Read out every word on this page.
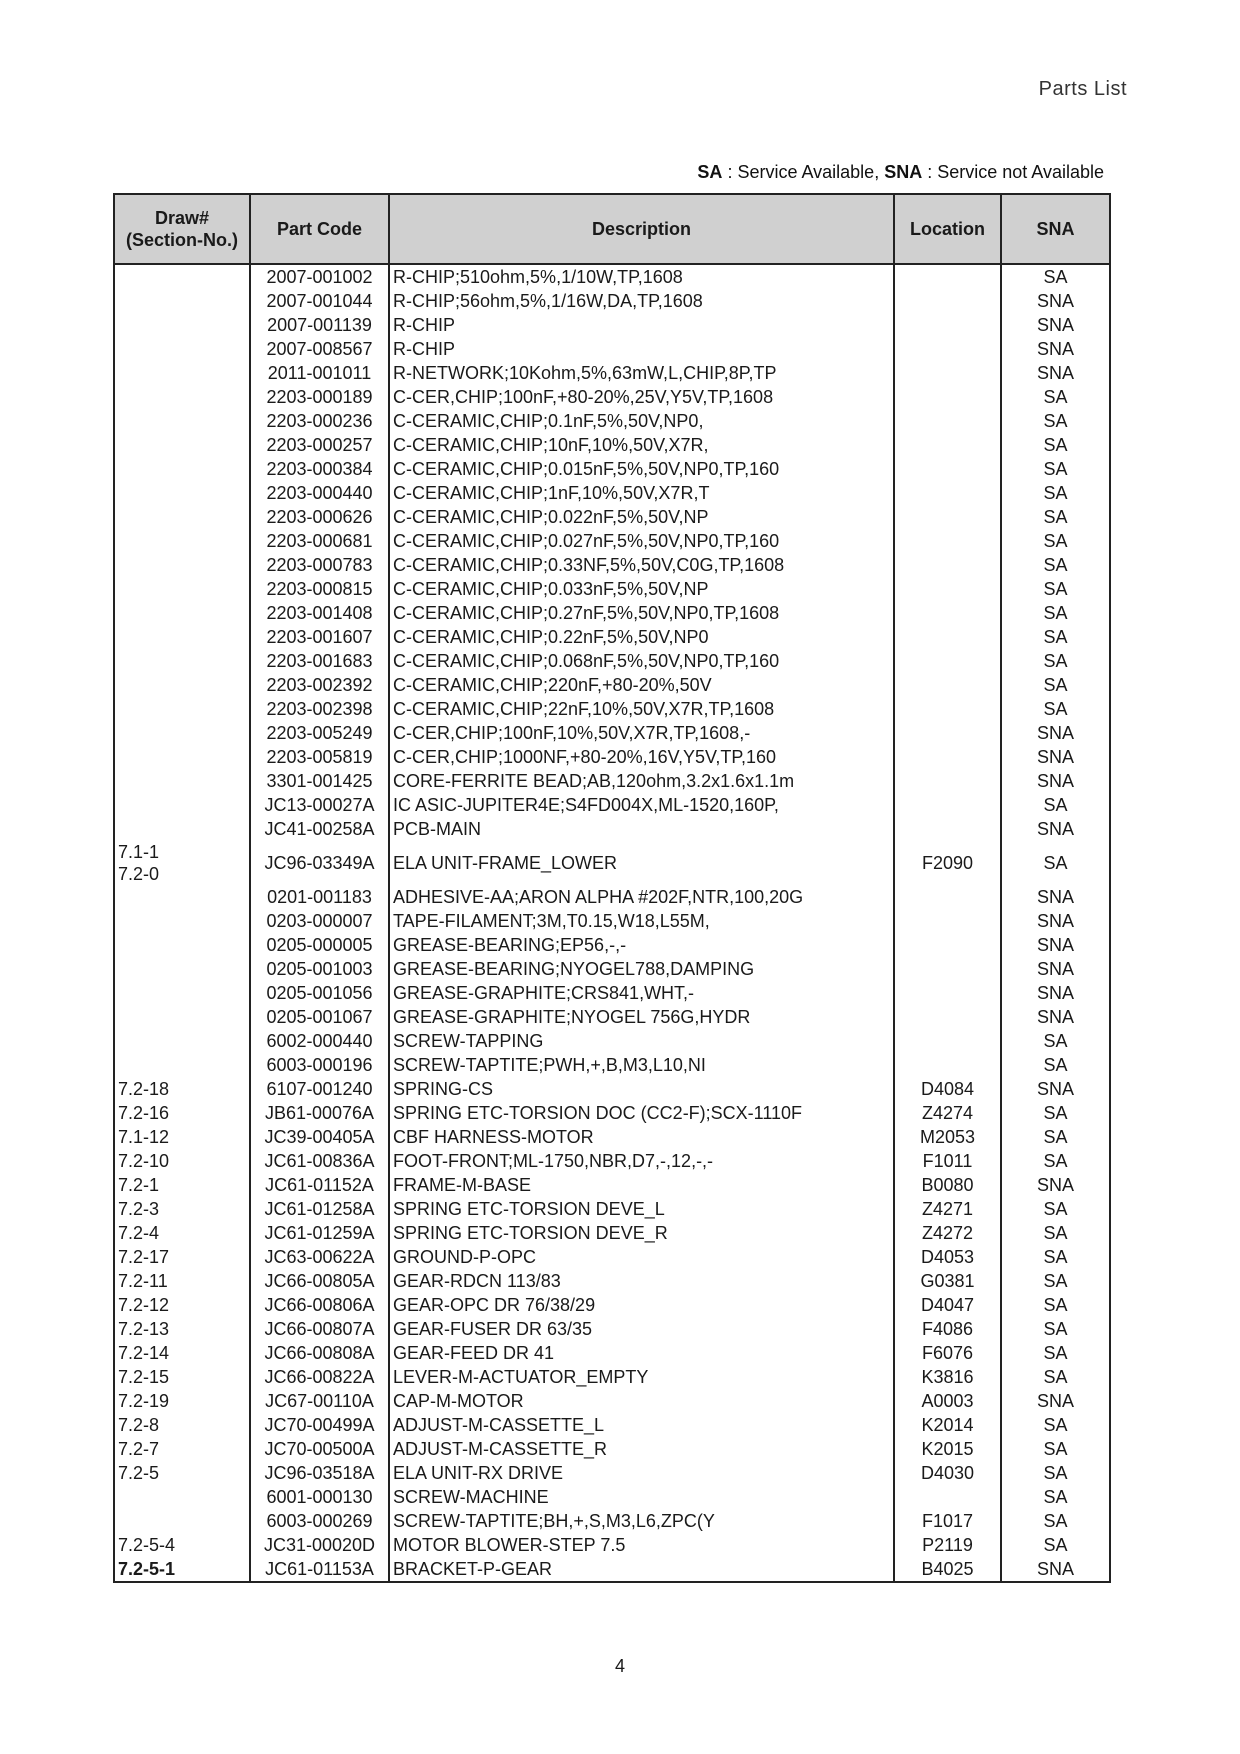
Parts List
SA : Service Available, SNA : Service not Available
Draw#
(Section-No.)	Part Code	Description	Location	SNA
	2007-001002	R-CHIP;510ohm,5%,1/10W,TP,1608		SA
	2007-001044	R-CHIP;56ohm,5%,1/16W,DA,TP,1608		SNA
	2007-001139	R-CHIP		SNA
	2007-008567	R-CHIP		SNA
	2011-001011	R-NETWORK;10Kohm,5%,63mW,L,CHIP,8P,TP		SNA
	2203-000189	C-CER,CHIP;100nF,+80-20%,25V,Y5V,TP,1608		SA
	2203-000236	C-CERAMIC,CHIP;0.1nF,5%,50V,NP0,		SA
	2203-000257	C-CERAMIC,CHIP;10nF,10%,50V,X7R,		SA
	2203-000384	C-CERAMIC,CHIP;0.015nF,5%,50V,NP0,TP,160		SA
	2203-000440	C-CERAMIC,CHIP;1nF,10%,50V,X7R,T		SA
	2203-000626	C-CERAMIC,CHIP;0.022nF,5%,50V,NP		SA
	2203-000681	C-CERAMIC,CHIP;0.027nF,5%,50V,NP0,TP,160		SA
	2203-000783	C-CERAMIC,CHIP;0.33NF,5%,50V,C0G,TP,1608		SA
	2203-000815	C-CERAMIC,CHIP;0.033nF,5%,50V,NP		SA
	2203-001408	C-CERAMIC,CHIP;0.27nF,5%,50V,NP0,TP,1608		SA
	2203-001607	C-CERAMIC,CHIP;0.22nF,5%,50V,NP0		SA
	2203-001683	C-CERAMIC,CHIP;0.068nF,5%,50V,NP0,TP,160		SA
	2203-002392	C-CERAMIC,CHIP;220nF,+80-20%,50V		SA
	2203-002398	C-CERAMIC,CHIP;22nF,10%,50V,X7R,TP,1608		SA
	2203-005249	C-CER,CHIP;100nF,10%,50V,X7R,TP,1608,-		SNA
	2203-005819	C-CER,CHIP;1000NF,+80-20%,16V,Y5V,TP,160		SNA
	3301-001425	CORE-FERRITE BEAD;AB,120ohm,3.2x1.6x1.1m		SNA
	JC13-00027A	IC ASIC-JUPITER4E;S4FD004X,ML-1520,160P,		SA
	JC41-00258A	PCB-MAIN		SNA

7.1-1
7.2-0	JC96-03349A	ELA UNIT-FRAME_LOWER	F2090	SA
	0201-001183	ADHESIVE-AA;ARON ALPHA #202F,NTR,100,20G		SNA
	0203-000007	TAPE-FILAMENT;3M,T0.15,W18,L55M,		SNA
	0205-000005	GREASE-BEARING;EP56,-,-		SNA
	0205-001003	GREASE-BEARING;NYOGEL788,DAMPING		SNA
	0205-001056	GREASE-GRAPHITE;CRS841,WHT,-		SNA
	0205-001067	GREASE-GRAPHITE;NYOGEL 756G,HYDR		SNA
	6002-000440	SCREW-TAPPING		SA
	6003-000196	SCREW-TAPTITE;PWH,+,B,M3,L10,NI		SA
7.2-18	6107-001240	SPRING-CS	D4084	SNA
7.2-16	JB61-00076A	SPRING ETC-TORSION DOC (CC2-F);SCX-1110F	Z4274	SA
7.1-12	JC39-00405A	CBF HARNESS-MOTOR	M2053	SA
7.2-10	JC61-00836A	FOOT-FRONT;ML-1750,NBR,D7,-,12,-,-	F1011	SA
7.2-1	JC61-01152A	FRAME-M-BASE	B0080	SNA
7.2-3	JC61-01258A	SPRING ETC-TORSION DEVE_L	Z4271	SA
7.2-4	JC61-01259A	SPRING ETC-TORSION DEVE_R	Z4272	SA
7.2-17	JC63-00622A	GROUND-P-OPC	D4053	SA
7.2-11	JC66-00805A	GEAR-RDCN 113/83	G0381	SA
7.2-12	JC66-00806A	GEAR-OPC DR 76/38/29	D4047	SA
7.2-13	JC66-00807A	GEAR-FUSER DR 63/35	F4086	SA
7.2-14	JC66-00808A	GEAR-FEED DR 41	F6076	SA
7.2-15	JC66-00822A	LEVER-M-ACTUATOR_EMPTY	K3816	SA
7.2-19	JC67-00110A	CAP-M-MOTOR	A0003	SNA
7.2-8	JC70-00499A	ADJUST-M-CASSETTE_L	K2014	SA
7.2-7	JC70-00500A	ADJUST-M-CASSETTE_R	K2015	SA
7.2-5	JC96-03518A	ELA UNIT-RX DRIVE	D4030	SA
	6001-000130	SCREW-MACHINE		SA
	6003-000269	SCREW-TAPTITE;BH,+,S,M3,L6,ZPC(Y	F1017	SA
7.2-5-4	JC31-00020D	MOTOR BLOWER-STEP 7.5	P2119	SA
7.2-5-1	JC61-01153A	BRACKET-P-GEAR	B4025	SNA
4
